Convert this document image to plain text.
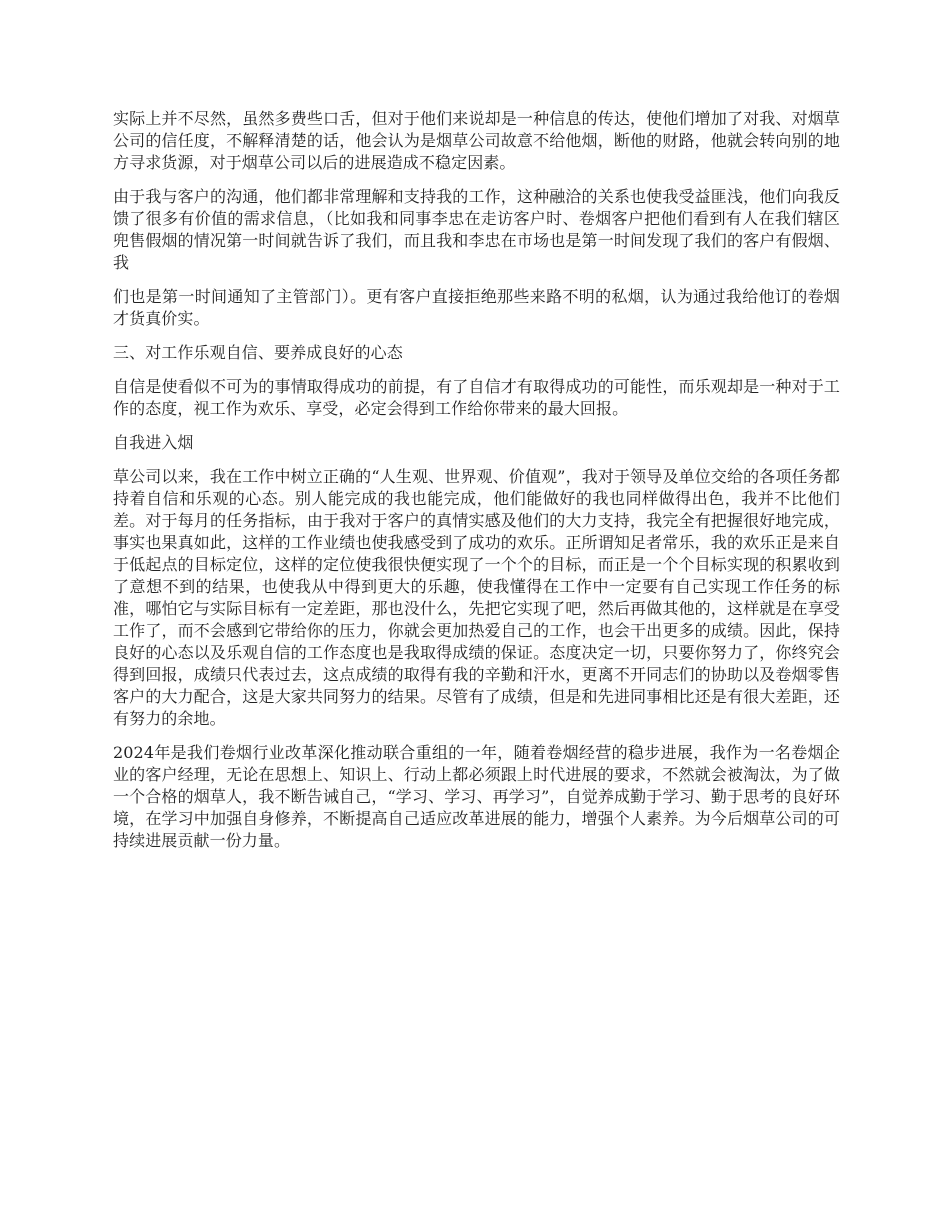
实际上并不尽然，虽然多费些口舌，但对于他们来说却是一种信息的传达，使他们增加了对我、对烟草公司的信任度，不解释清楚的话，他会认为是烟草公司故意不给他烟，断他的财路，他就会转向别的地方寻求货源，对于烟草公司以后的进展造成不稳定因素。

由于我与客户的沟通，他们都非常理解和支持我的工作，这种融洽的关系也使我受益匪浅，他们向我反馈了很多有价值的需求信息，（比如我和同事李忠在走访客户时、卷烟客户把他们看到有人在我们辖区兜售假烟的情况第一时间就告诉了我们，而且我和李忠在市场也是第一时间发现了我们的客户有假烟、我

们也是第一时间通知了主管部门）。更有客户直接拒绝那些来路不明的私烟，认为通过我给他订的卷烟才货真价实。

三、对工作乐观自信、要养成良好的心态

自信是使看似不可为的事情取得成功的前提，有了自信才有取得成功的可能性，而乐观却是一种对于工作的态度，视工作为欢乐、享受，必定会得到工作给你带来的最大回报。

自我进入烟

草公司以来，我在工作中树立正确的“人生观、世界观、价值观”，我对于领导及单位交给的各项任务都持着自信和乐观的心态。别人能完成的我也能完成，他们能做好的我也同样做得出色，我并不比他们差。对于每月的任务指标，由于我对于客户的真情实感及他们的大力支持，我完全有把握很好地完成，事实也果真如此，这样的工作业绩也使我感受到了成功的欢乐。正所谓知足者常乐，我的欢乐正是来自于低起点的目标定位，这样的定位使我很快便实现了一个个的目标，而正是一个个目标实现的积累收到了意想不到的结果，也使我从中得到更大的乐趣，使我懂得在工作中一定要有自己实现工作任务的标准，哪怕它与实际目标有一定差距，那也没什么，先把它实现了吧，然后再做其他的，这样就是在享受工作了，而不会感到它带给你的压力，你就会更加热爱自己的工作，也会干出更多的成绩。因此，保持良好的心态以及乐观自信的工作态度也是我取得成绩的保证。态度决定一切，只要你努力了，你终究会得到回报，成绩只代表过去，这点成绩的取得有我的辛勤和汗水，更离不开同志们的协助以及卷烟零售客户的大力配合，这是大家共同努力的结果。尽管有了成绩，但是和先进同事相比还是有很大差距，还有努力的余地。

2024年是我们卷烟行业改革深化推动联合重组的一年，随着卷烟经营的稳步进展，我作为一名卷烟企业的客户经理，无论在思想上、知识上、行动上都必须跟上时代进展的要求，不然就会被淘汰，为了做一个合格的烟草人，我不断告诫自己，“学习、学习、再学习”，自觉养成勤于学习、勤于思考的良好环境，在学习中加强自身修养，不断提高自己适应改革进展的能力，增强个人素养。为今后烟草公司的可持续进展贡献一份力量。
